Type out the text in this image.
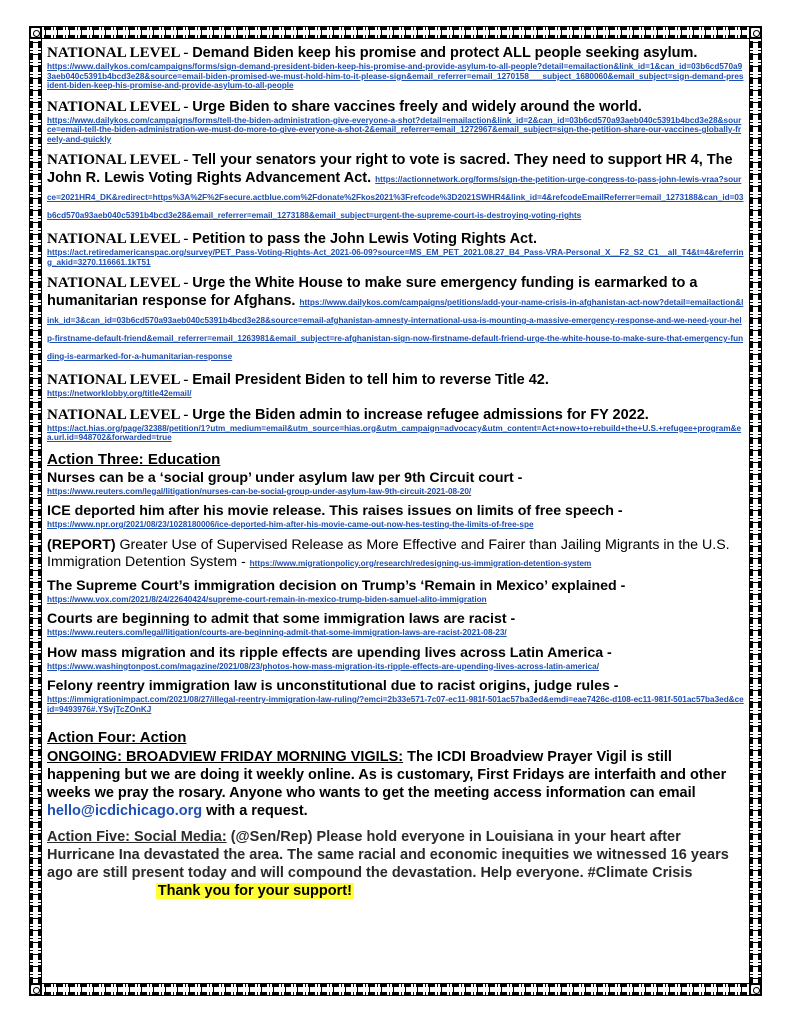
NATIONAL LEVEL - Demand Biden keep his promise and protect ALL people seeking asylum.
https://www.dailykos.com/campaigns/forms/sign-demand-president-biden-keep-his-promise-and-provide-asylum-to-all-people?detail=emailaction&link_id=1&can_id=03b6cd570a93aeb040c5391b4bcd3e28&source=email-biden-promised-we-must-hold-him-to-it-please-sign&email_referrer=email_1270158___subject_1680060&email_subject=sign-demand-president-biden-keep-his-promise-and-provide-asylum-to-all-people
NATIONAL LEVEL - Urge Biden to share vaccines freely and widely around the world.
https://www.dailykos.com/campaigns/forms/tell-the-biden-administration-give-everyone-a-shot?detail=emailaction&link_id=2&can_id=03b6cd570a93aeb040c5391b4bcd3e28&source=email-tell-the-biden-administration-we-must-do-more-to-give-everyone-a-shot-2&email_referrer=email_1272967&email_subject=sign-the-petition-share-our-vaccines-globally-freely-and-quickly
NATIONAL LEVEL - Tell your senators your right to vote is sacred. They need to support HR 4, The John R. Lewis Voting Rights Advancement Act. https://actionnetwork.org/forms/sign-the-petition-urge-congress-to-pass-john-lewis-vraa?source=2021HR4_DK&redirect=https%3A%2F%2Fsecure.actblue.com%2Fdonate%2Fkos2021%3Frefcode%3D2021SWHR4&link_id=4&refcodeEmailReferrer=email_1273188&can_id=03b6cd570a93aeb040c5391b4bcd3e28&email_referrer=email_1273188&email_subject=urgent-the-supreme-court-is-destroying-voting-rights
NATIONAL LEVEL - Petition to pass the John Lewis Voting Rights Act.
https://act.retiredamericanspac.org/survey/PET_Pass-Voting-Rights-Act_2021-06-09?source=MS_EM_PET_2021.08.27_B4_Pass-VRA-Personal_X__F2_S2_C1__all_T4&t=4&referring_akid=3270.116661.1kT51
NATIONAL LEVEL - Urge the White House to make sure emergency funding is earmarked to a humanitarian response for Afghans. https://www.dailykos.com/campaigns/petitions/add-your-name-crisis-in-afghanistan-act-now?detail=emailaction&link_id=3&can_id=03b6cd570a93aeb040c5391b4bcd3e28&source=email-afghanistan-amnesty-international-usa-is-mounting-a-massive-emergency-response-and-we-need-your-help-firstname-default-friend&email_referrer=email_1263981&email_subject=re-afghanistan-sign-now-firstname-default-friend-urge-the-white-house-to-make-sure-that-emergency-funding-is-earmarked-for-a-humanitarian-response
NATIONAL LEVEL - Email President Biden to tell him to reverse Title 42.
https://networklobby.org/title42email/
NATIONAL LEVEL - Urge the Biden admin to increase refugee admissions for FY 2022.
https://act.hias.org/page/32388/petition/1?utm_medium=email&utm_source=hias.org&utm_campaign=advocacy&utm_content=Act+now+to+rebuild+the+U.S.+refugee+program&ea.url.id=948702&forwarded=true
Action Three: Education
Nurses can be a ‘social group’ under asylum law per 9th Circuit court -
https://www.reuters.com/legal/litigation/nurses-can-be-social-group-under-asylum-law-9th-circuit-2021-08-20/
ICE deported him after his movie release. This raises issues on limits of free speech -
https://www.npr.org/2021/08/23/1028180006/ice-deported-him-after-his-movie-came-out-now-hes-testing-the-limits-of-free-spe
(REPORT) Greater Use of Supervised Release as More Effective and Fairer than Jailing Migrants in the U.S. Immigration Detention System - https://www.migrationpolicy.org/research/redesigning-us-immigration-detention-system
The Supreme Court’s immigration decision on Trump’s ‘Remain in Mexico’ explained -
https://www.vox.com/2021/8/24/22640424/supreme-court-remain-in-mexico-trump-biden-samuel-alito-immigration
Courts are beginning to admit that some immigration laws are racist -
https://www.reuters.com/legal/litigation/courts-are-beginning-admit-that-some-immigration-laws-are-racist-2021-08-23/
How mass migration and its ripple effects are upending lives across Latin America -
https://www.washingtonpost.com/magazine/2021/08/23/photos-how-mass-migration-its-ripple-effects-are-upending-lives-across-latin-america/
Felony reentry immigration law is unconstitutional due to racist origins, judge rules -
https://immigrationimpact.com/2021/08/27/illegal-reentry-immigration-law-ruling/?emci=2b33e571-7c07-ec11-981f-501ac57ba3ed&emdi=eae7426c-d108-ec11-981f-501ac57ba3ed&ceid=9493976#.YSvjTcZOnKJ
Action Four: Action
ONGOING: BROADVIEW FRIDAY MORNING VIGILS: The ICDI Broadview Prayer Vigil is still happening but we are doing it weekly online. As is customary, First Fridays are interfaith and other weeks we pray the rosary. Anyone who wants to get the meeting access information can email hello@icdichicago.org with a request.
Action Five: Social Media: (@Sen/Rep) Please hold everyone in Louisiana in your heart after Hurricane Ina devastated the area. The same racial and economic inequities we witnessed 16 years ago are still present today and will compound the devastation. Help everyone. #Climate Crisis                           Thank you for your support!
